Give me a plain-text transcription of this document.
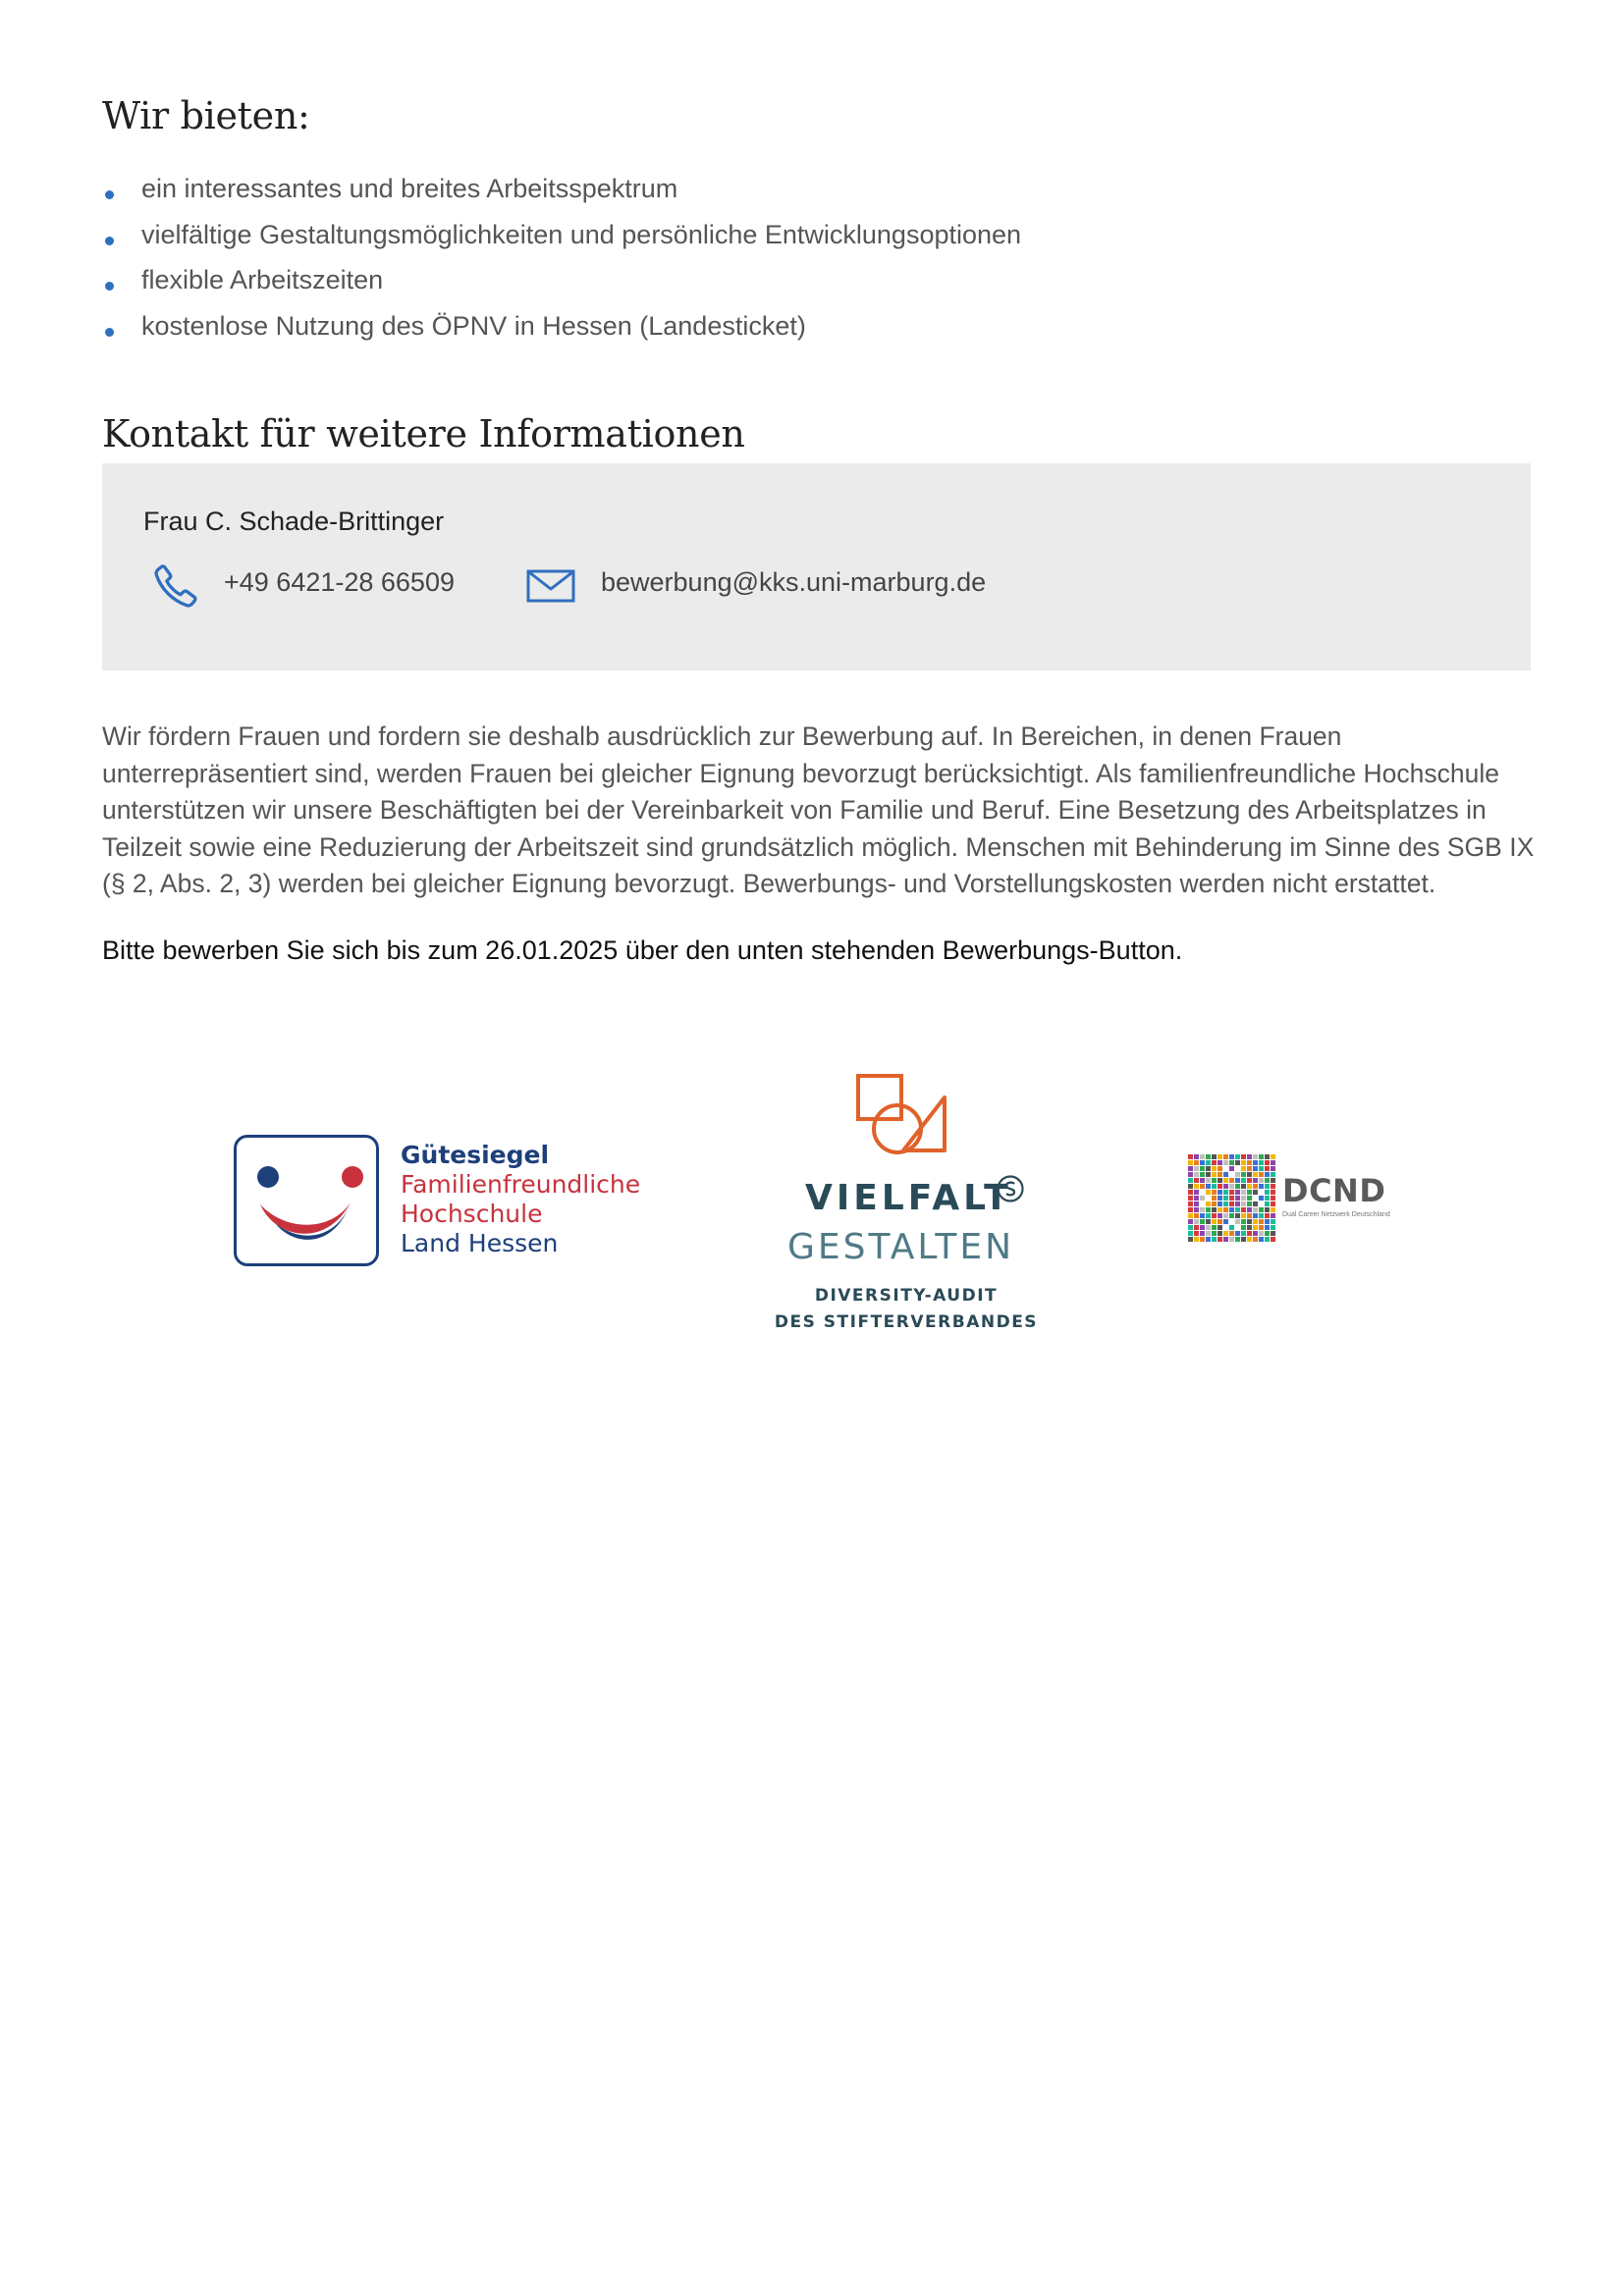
Wir bieten:
ein interessantes und breites Arbeitsspektrum
vielfältige Gestaltungsmöglichkeiten und persönliche Entwicklungsoptionen
flexible Arbeitszeiten
kostenlose Nutzung des ÖPNV in Hessen (Landesticket)
Kontakt für weitere Informationen
Frau C. Schade-Brittinger
+49 6421-28 66509	bewerbung@kks.uni-marburg.de

Wir fördern Frauen und fordern sie deshalb ausdrücklich zur Bewerbung auf. In Bereichen, in denen Frauen unterrepräsentiert sind, werden Frauen bei gleicher Eignung bevorzugt berücksichtigt. Als familienfreundliche Hochschule unterstützen wir unsere Beschäftigten bei der Vereinbarkeit von Familie und Beruf. Eine Besetzung des Arbeitsplatzes in Teilzeit sowie eine Reduzierung der Arbeitszeit sind grundsätzlich möglich. Menschen mit Behinderung im Sinne des SGB IX (§ 2, Abs. 2, 3) werden bei gleicher Eignung bevorzugt. Bewerbungs- und Vorstellungskosten werden nicht erstattet.

Bitte bewerben Sie sich bis zum 26.01.2025 über den unten stehenden Bewerbungs-Button.

Gütesiegel
Familienfreundliche
Hochschule
Land Hessen
VIELFALT
GESTALTEN
DIVERSITY-AUDIT
DES STIFTERVERBANDES
DCND
Dual Career Netzwerk Deutschland
